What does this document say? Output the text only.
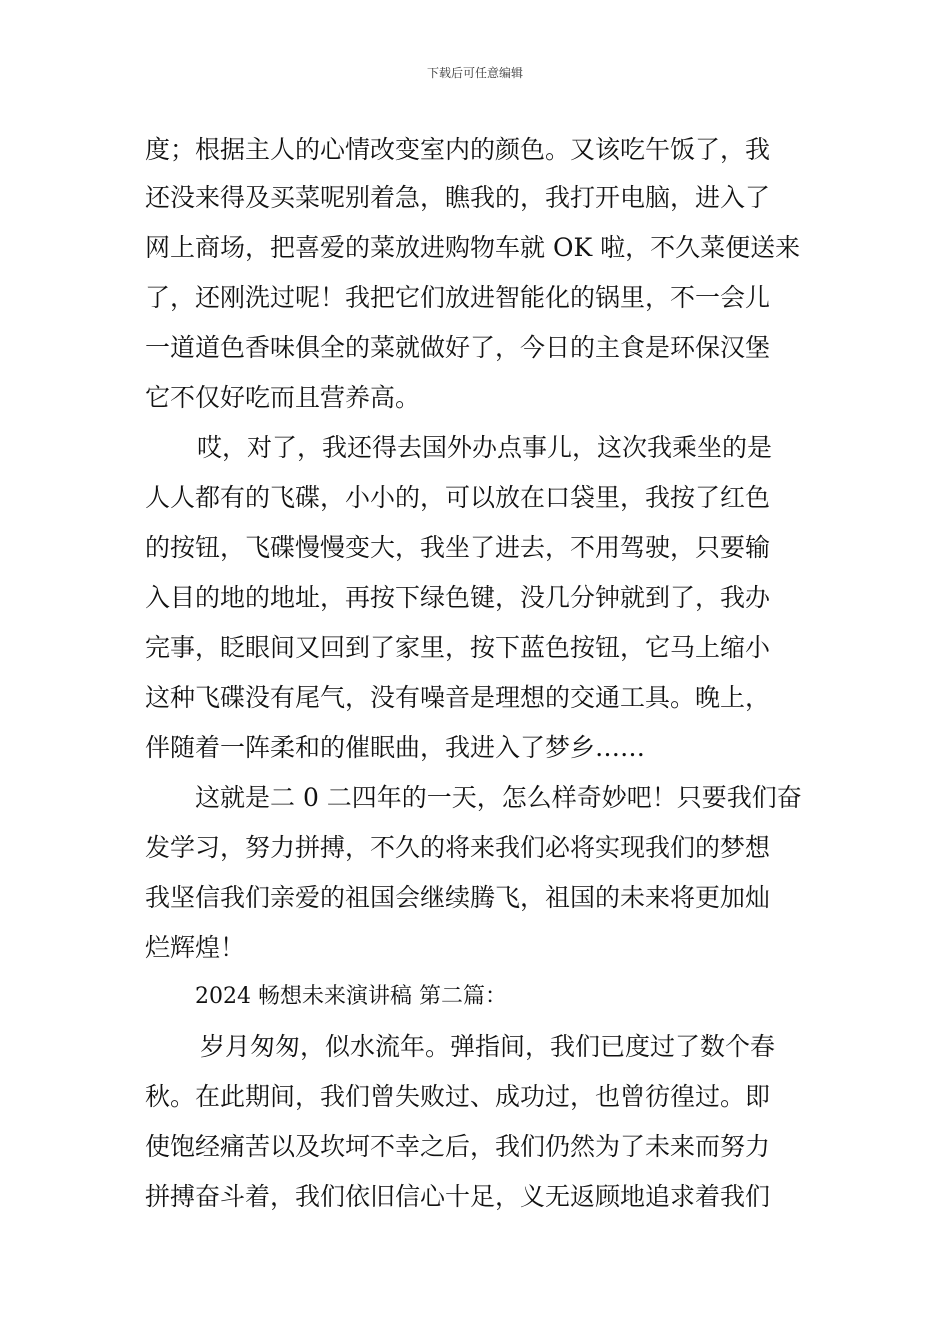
下载后可任意编辑
度；根据主人的心情改变室内的颜色。又该吃午饭了，我
还没来得及买菜呢别着急，瞧我的，我打开电脑，进入了
网上商场，把喜爱的菜放进购物车就 OK 啦，不久菜便送来
了，还刚洗过呢！我把它们放进智能化的锅里，不一会儿
一道道色香味俱全的菜就做好了，今日的主食是环保汉堡
它不仅好吃而且营养高。
哎，对了，我还得去国外办点事儿，这次我乘坐的是
人人都有的飞碟，小小的，可以放在口袋里，我按了红色
的按钮，飞碟慢慢变大，我坐了进去，不用驾驶，只要输
入目的地的地址，再按下绿色键，没几分钟就到了，我办
完事，眨眼间又回到了家里，按下蓝色按钮，它马上缩小
这种飞碟没有尾气，没有噪音是理想的交通工具。晚上，
伴随着一阵柔和的催眠曲，我进入了梦乡……
这就是二 0 二四年的一天，怎么样奇妙吧！只要我们奋
发学习，努力拼搏，不久的将来我们必将实现我们的梦想
我坚信我们亲爱的祖国会继续腾飞，祖国的未来将更加灿
烂辉煌！
2024 畅想未来演讲稿 第二篇：
岁月匆匆，似水流年。弹指间，我们已度过了数个春
秋。在此期间，我们曾失败过、成功过，也曾彷徨过。即
使饱经痛苦以及坎坷不幸之后，我们仍然为了未来而努力
拼搏奋斗着，我们依旧信心十足，义无返顾地追求着我们
